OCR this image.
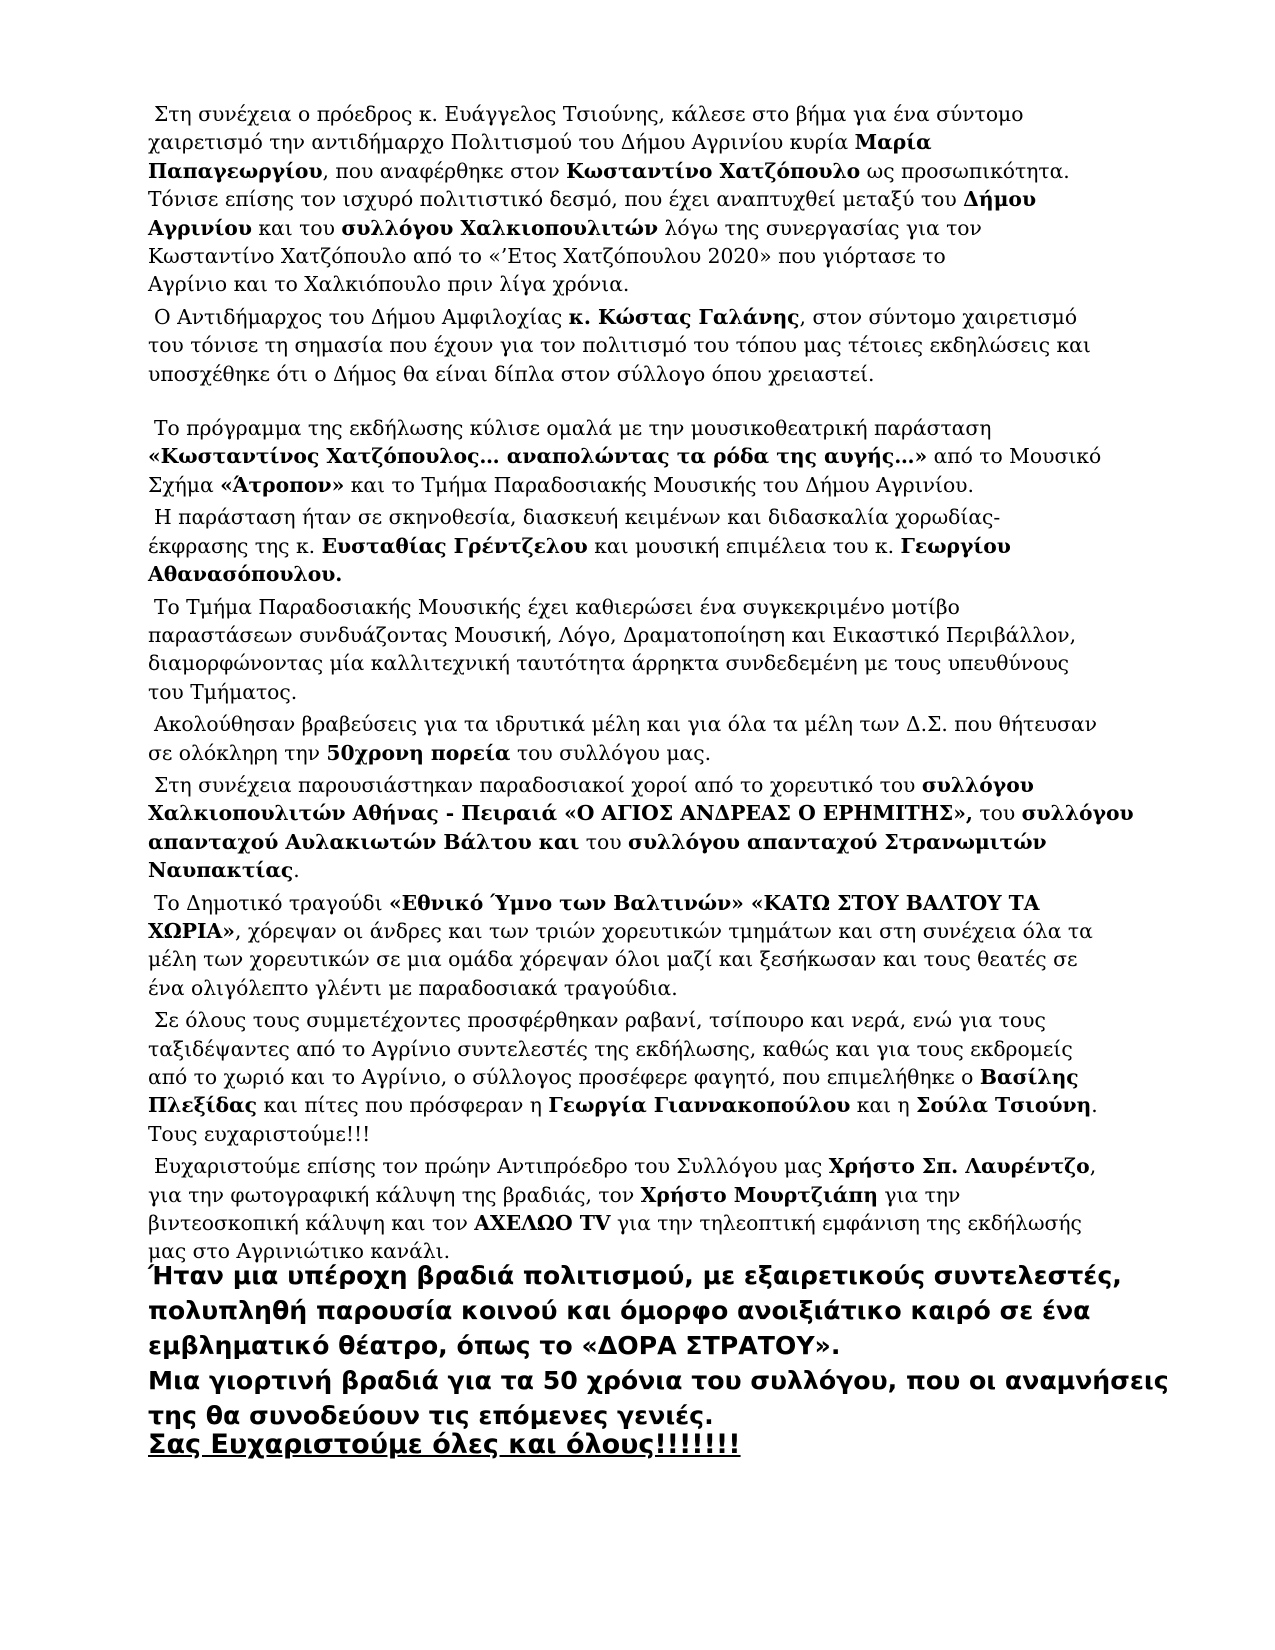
Στη συνέχεια ο πρόεδρος κ. Ευάγγελος Τσιούνης, κάλεσε στο βήμα για ένα σύντομο
χαιρετισμό την αντιδήμαρχο Πολιτισμού του Δήμου Αγρινίου κυρία Μαρία
Παπαγεωργίου, που αναφέρθηκε στον Κωσταντίνο Χατζόπουλο ως προσωπικότητα.
Τόνισε επίσης τον ισχυρό πολιτιστικό δεσμό, που έχει αναπτυχθεί μεταξύ του Δήμου
Αγρινίου και του συλλόγου Χαλκιοπουλιτών λόγω της συνεργασίας για τον
Κωσταντίνο Χατζόπουλο από το «’Ετος Χατζόπουλου 2020» που γιόρτασε το
Αγρίνιο και το Χαλκιόπουλο πριν λίγα χρόνια.
Ο Αντιδήμαρχος του Δήμου Αμφιλοχίας κ. Κώστας Γαλάνης, στον σύντομο χαιρετισμό
του τόνισε τη σημασία που έχουν για τον πολιτισμό του τόπου μας τέτοιες εκδηλώσεις και
υποσχέθηκε ότι ο Δήμος θα είναι δίπλα στον σύλλογο όπου χρειαστεί.
Το πρόγραμμα της εκδήλωσης κύλισε ομαλά με την μουσικοθεατρική παράσταση
«Κωσταντίνος Χατζόπουλος… αναπολώντας τα ρόδα της αυγής…» από το Μουσικό
Σχήμα «Άτροπον» και το Τμήμα Παραδοσιακής Μουσικής του Δήμου Αγρινίου.
Η παράσταση ήταν σε σκηνοθεσία, διασκευή κειμένων και διδασκαλία χορωδίας-
έκφρασης της κ. Ευσταθίας Γρέντζελου και μουσική επιμέλεια του κ. Γεωργίου
Αθανασόπουλου.
Το Τμήμα Παραδοσιακής Μουσικής έχει καθιερώσει ένα συγκεκριμένο μοτίβο
παραστάσεων συνδυάζοντας Μουσική, Λόγο, Δραματοποίηση και Εικαστικό Περιβάλλον,
διαμορφώνοντας μία καλλιτεχνική ταυτότητα άρρηκτα συνδεδεμένη με τους υπευθύνους
του Τμήματος.
Ακολούθησαν βραβεύσεις για τα ιδρυτικά μέλη και για όλα τα μέλη των Δ.Σ. που θήτευσαν
σε ολόκληρη την 50χρονη πορεία του συλλόγου μας.
Στη συνέχεια παρουσιάστηκαν παραδοσιακοί χοροί από το χορευτικό του συλλόγου
Χαλκιοπουλιτών Αθήνας - Πειραιά «Ο ΑΓΙΟΣ ΑΝΔΡΕΑΣ Ο ΕΡΗΜΙΤΗΣ», του συλλόγου
απανταχού Αυλακιωτών Βάλτου και του συλλόγου απανταχού Στρανωμιτών
Ναυπακτίας.
Το Δημοτικό τραγούδι «Εθνικό Ύμνο των Βαλτινών» «ΚΑΤΩ ΣΤΟΥ ΒΑΛΤΟΥ ΤΑ
ΧΩΡΙΑ», χόρεψαν οι άνδρες και των τριών χορευτικών τμημάτων και στη συνέχεια όλα τα
μέλη των χορευτικών σε μια ομάδα χόρεψαν όλοι μαζί και ξεσήκωσαν και τους θεατές σε
ένα ολιγόλεπτο γλέντι με παραδοσιακά τραγούδια.
Σε όλους τους συμμετέχοντες προσφέρθηκαν ραβανί, τσίπουρο και νερά, ενώ για τους
ταξιδέψαντες από το Αγρίνιο συντελεστές της εκδήλωσης, καθώς και για τους εκδρομείς
από το χωριό και το Αγρίνιο, ο σύλλογος προσέφερε φαγητό, που επιμελήθηκε ο Βασίλης
Πλεξίδας και πίτες που πρόσφεραν η Γεωργία Γιαννακοπούλου και η Σούλα Τσιούνη.
Τους ευχαριστούμε!!!
Ευχαριστούμε επίσης τον πρώην Αντιπρόεδρο του Συλλόγου μας Χρήστο Σπ. Λαυρέντζο,
για την φωτογραφική κάλυψη της βραδιάς, τον Χρήστο Μουρτζιάπη για την
βιντεοσκοπική κάλυψη και τον ΑΧΕΛΩΟ TV για την τηλεοπτική εμφάνιση της εκδήλωσής
μας στο Αγρινιώτικο κανάλι.
Ήταν μια υπέροχη βραδιά πολιτισμού, με εξαιρετικούς συντελεστές,
πολυπληθή παρουσία κοινού και όμορφο ανοιξιάτικο καιρό σε ένα
εμβληματικό θέατρο, όπως το «ΔΟΡΑ ΣΤΡΑΤΟΥ».
Μια γιορτινή βραδιά για τα 50 χρόνια του συλλόγου, που οι αναμνήσεις
της θα συνοδεύουν τις επόμενες γενιές.
Σας Ευχαριστούμε όλες και όλους!!!!!!!
